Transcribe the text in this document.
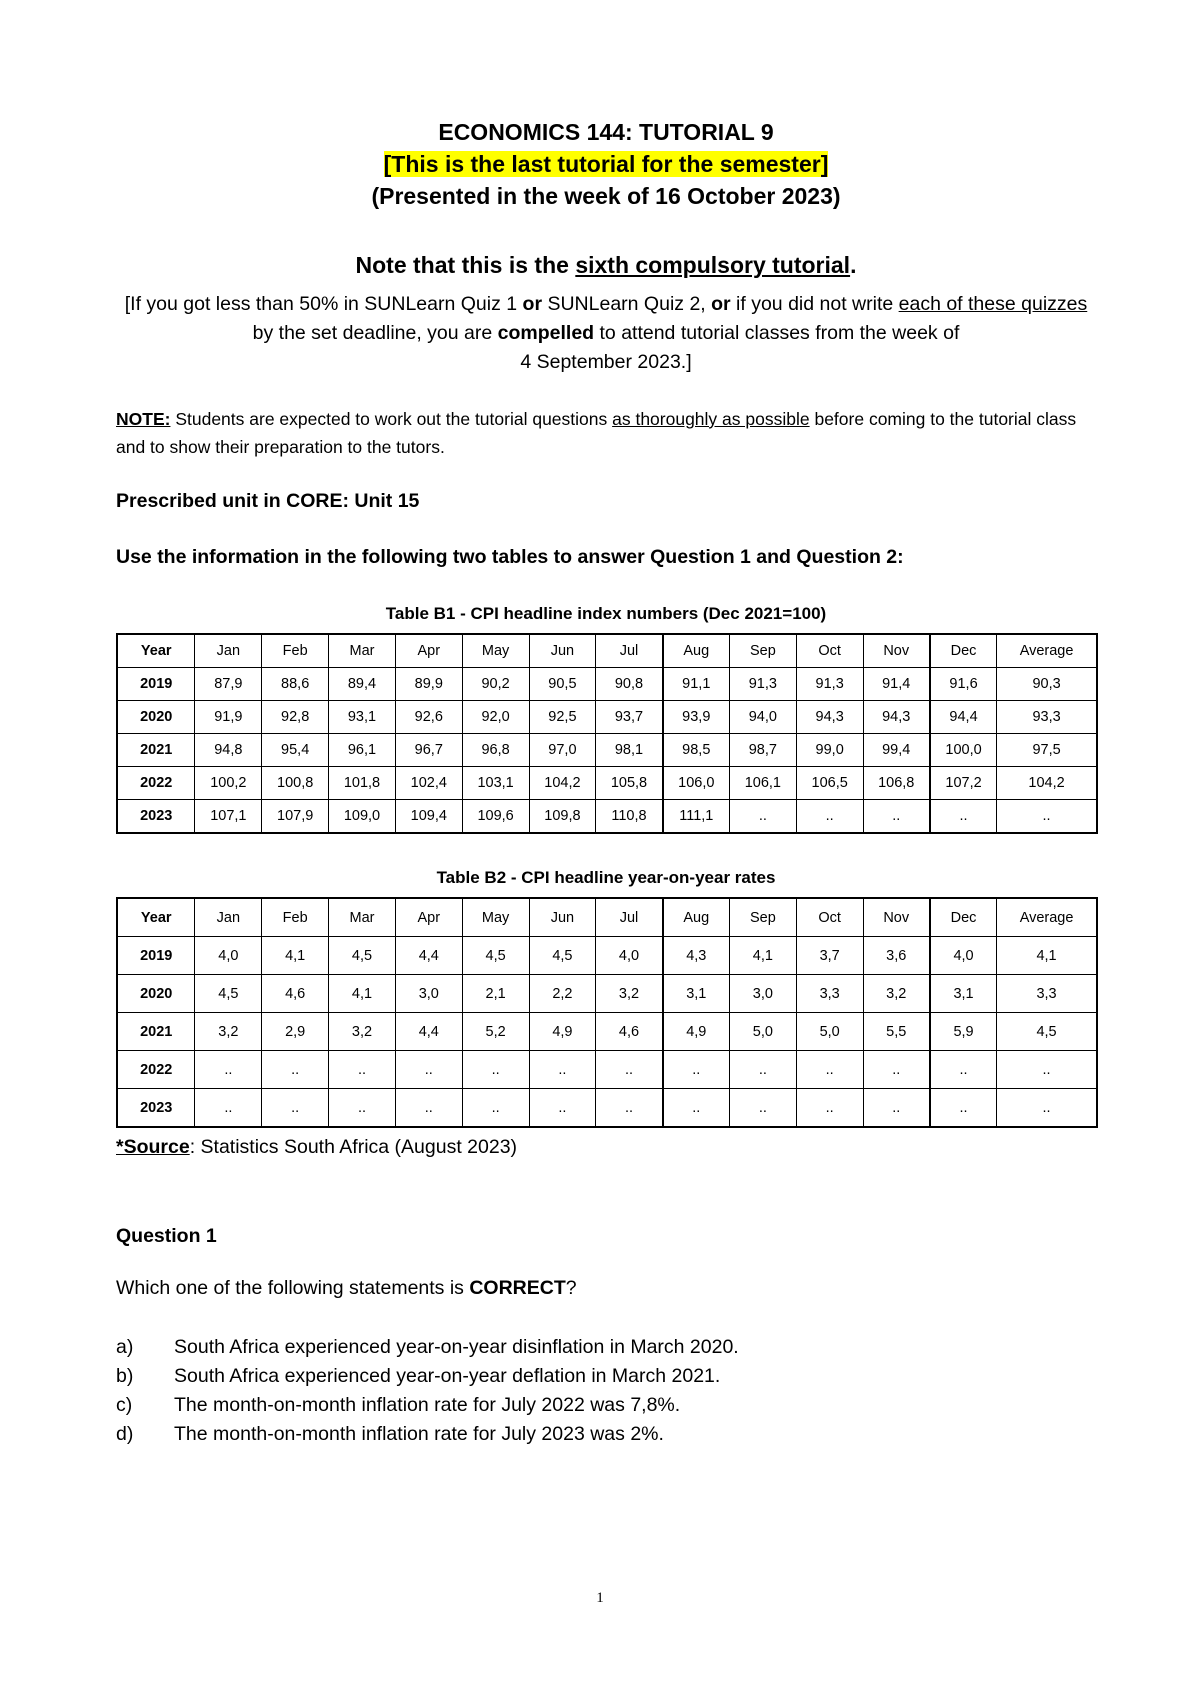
ECONOMICS 144: TUTORIAL 9
[This is the last tutorial for the semester]
(Presented in the week of 16 October 2023)
Note that this is the sixth compulsory tutorial.
[If you got less than 50% in SUNLearn Quiz 1 or SUNLearn Quiz 2, or if you did not write each of these quizzes by the set deadline, you are compelled to attend tutorial classes from the week of
4 September 2023.]
NOTE: Students are expected to work out the tutorial questions as thoroughly as possible before coming to the tutorial class and to show their preparation to the tutors.
Prescribed unit in CORE: Unit 15
Use the information in the following two tables to answer Question 1 and Question 2:
Table B1 - CPI headline index numbers (Dec 2021=100)
Year	Jan	Feb	Mar	Apr	May	Jun	Jul	Aug	Sep	Oct	Nov	Dec	Average
2019	87,9	88,6	89,4	89,9	90,2	90,5	90,8	91,1	91,3	91,3	91,4	91,6	90,3
2020	91,9	92,8	93,1	92,6	92,0	92,5	93,7	93,9	94,0	94,3	94,3	94,4	93,3
2021	94,8	95,4	96,1	96,7	96,8	97,0	98,1	98,5	98,7	99,0	99,4	100,0	97,5
2022	100,2	100,8	101,8	102,4	103,1	104,2	105,8	106,0	106,1	106,5	106,8	107,2	104,2
2023	107,1	107,9	109,0	109,4	109,6	109,8	110,8	111,1	..	..	..	..	..
Table B2 - CPI headline year-on-year rates
Year	Jan	Feb	Mar	Apr	May	Jun	Jul	Aug	Sep	Oct	Nov	Dec	Average
2019	4,0	4,1	4,5	4,4	4,5	4,5	4,0	4,3	4,1	3,7	3,6	4,0	4,1
2020	4,5	4,6	4,1	3,0	2,1	2,2	3,2	3,1	3,0	3,3	3,2	3,1	3,3
2021	3,2	2,9	3,2	4,4	5,2	4,9	4,6	4,9	5,0	5,0	5,5	5,9	4,5
2022	..	..	..	..	..	..	..	..	..	..	..	..	..
2023	..	..	..	..	..	..	..	..	..	..	..	..	..
*Source: Statistics South Africa (August 2023)
Question 1
Which one of the following statements is CORRECT?
a)	South Africa experienced year-on-year disinflation in March 2020.
b)	South Africa experienced year-on-year deflation in March 2021.
c)	The month-on-month inflation rate for July 2022 was 7,8%.
d)	The month-on-month inflation rate for July 2023 was 2%.
1
